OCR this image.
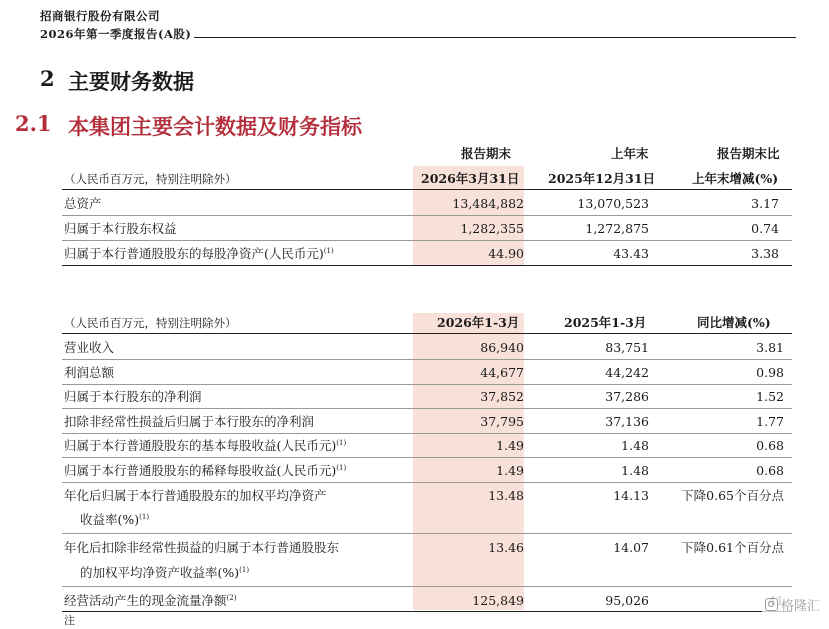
招商银行股份有限公司
2026年第一季度报告(A股)
2 主要财务数据
2.1 本集团主要会计数据及财务指标
报告期末	上年末	报告期末比
（人民币百万元，特别注明除外）	2026年3月31日 2025年12月31日	上年末增减(%)
总资产	13,484,882	13,070,523	3.17
归属于本行股东权益	1,282,355	1,272,875	0.74
归属于本行普通股股东的每股净资产(人民币元)$^{(1)}$	44.90	43.43	3.38
（人民币百万元，特别注明除外）	2026年1-3月	2025年1-3月	同比增减(%)
营业收入	86,940	83,751	3.81
利润总额	44,677	44,242	0.98
归属于本行股东的净利润	37,852	37,286	1.52
扣除非经常性损益后归属于本行股东的净利润	37,795	37,136	1.77
归属于本行普通股股东的基本每股收益(人民币元)$^{(1)}$	1.49	1.48	0.68
归属于本行普通股股东的稀释每股收益(人民币元)$^{(1)}$	1.49	1.48	0.68
年化后归属于本行普通股股东的加权平均净资产
收益率(%)$^{(1)}$
13.48	14.13	下降0.65个百分点
年化后扣除非经常性损益的归属于本行普通股股东
的加权平均净资产收益率(%)$^{(1)}$
13.46	14.07	下降0.61个百分点
经营活动产生的现金流量净额$^{(2)}$	125,849	95,026
注
格隆汇
